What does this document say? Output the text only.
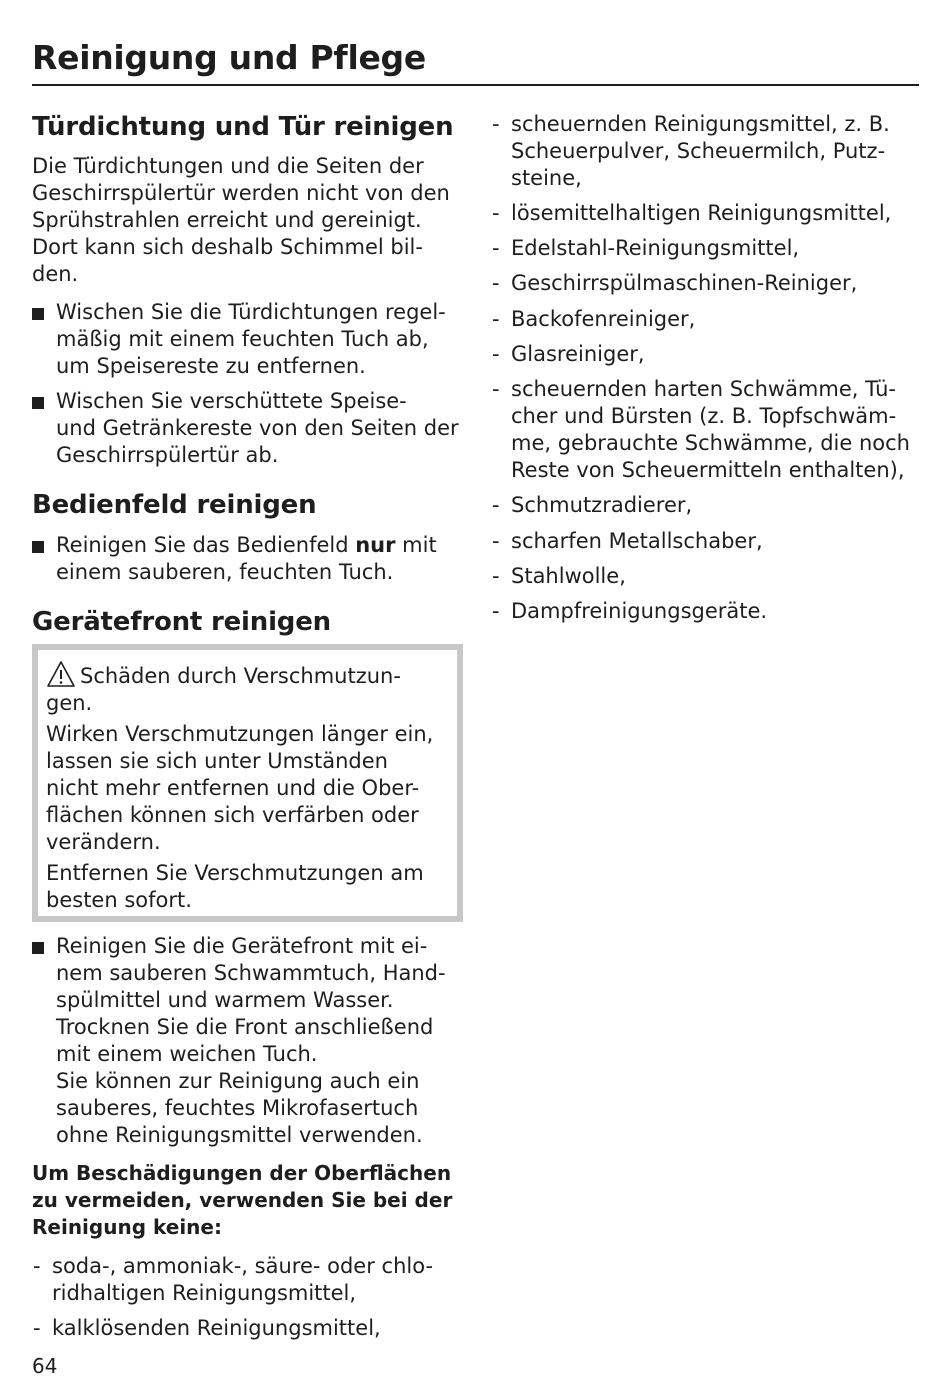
Reinigung und Pflege
Türdichtung und Tür reinigen
Die Türdichtungen und die Seiten der
Geschirrspülertür werden nicht von den
Sprühstrahlen erreicht und gereinigt.
Dort kann sich deshalb Schimmel bil-
den.
Wischen Sie die Türdichtungen regel-
mäßig mit einem feuchten Tuch ab,
um Speisereste zu entfernen.
Wischen Sie verschüttete Speise-
und Getränkereste von den Seiten der
Geschirrspülertür ab.
Bedienfeld reinigen
Reinigen Sie das Bedienfeld nur mit
einem sauberen, feuchten Tuch.
Gerätefront reinigen

Schäden durch Verschmutzun-
gen.

Wirken Verschmutzungen länger ein,
lassen sie sich unter Umständen
nicht mehr entfernen und die Ober-
flächen können sich verfärben oder
verändern.

Entfernen Sie Verschmutzungen am
besten sofort.

Reinigen Sie die Gerätefront mit ei-
nem sauberen Schwammtuch, Hand-
spülmittel und warmem Wasser.
Trocknen Sie die Front anschließend
mit einem weichen Tuch.
Sie können zur Reinigung auch ein
sauberes, feuchtes Mikrofasertuch
ohne Reinigungsmittel verwenden.
Um Beschädigungen der Oberflächen
zu vermeiden, verwenden Sie bei der
Reinigung keine:
- soda-, ammoniak-, säure- oder chlo-
ridhaltigen Reinigungsmittel,
- kalklösenden Reinigungsmittel,
- scheuernden Reinigungsmittel, z. B.
Scheuerpulver, Scheuermilch, Putz-
steine,
- lösemittelhaltigen Reinigungsmittel,
- Edelstahl-Reinigungsmittel,
- Geschirrspülmaschinen-Reiniger,
- Backofenreiniger,
- Glasreiniger,
- scheuernden harten Schwämme, Tü-
cher und Bürsten (z. B. Topfschwäm-
me, gebrauchte Schwämme, die noch
Reste von Scheuermitteln enthalten),
- Schmutzradierer,
- scharfen Metallschaber,
- Stahlwolle,
- Dampfreinigungsgeräte.
64
